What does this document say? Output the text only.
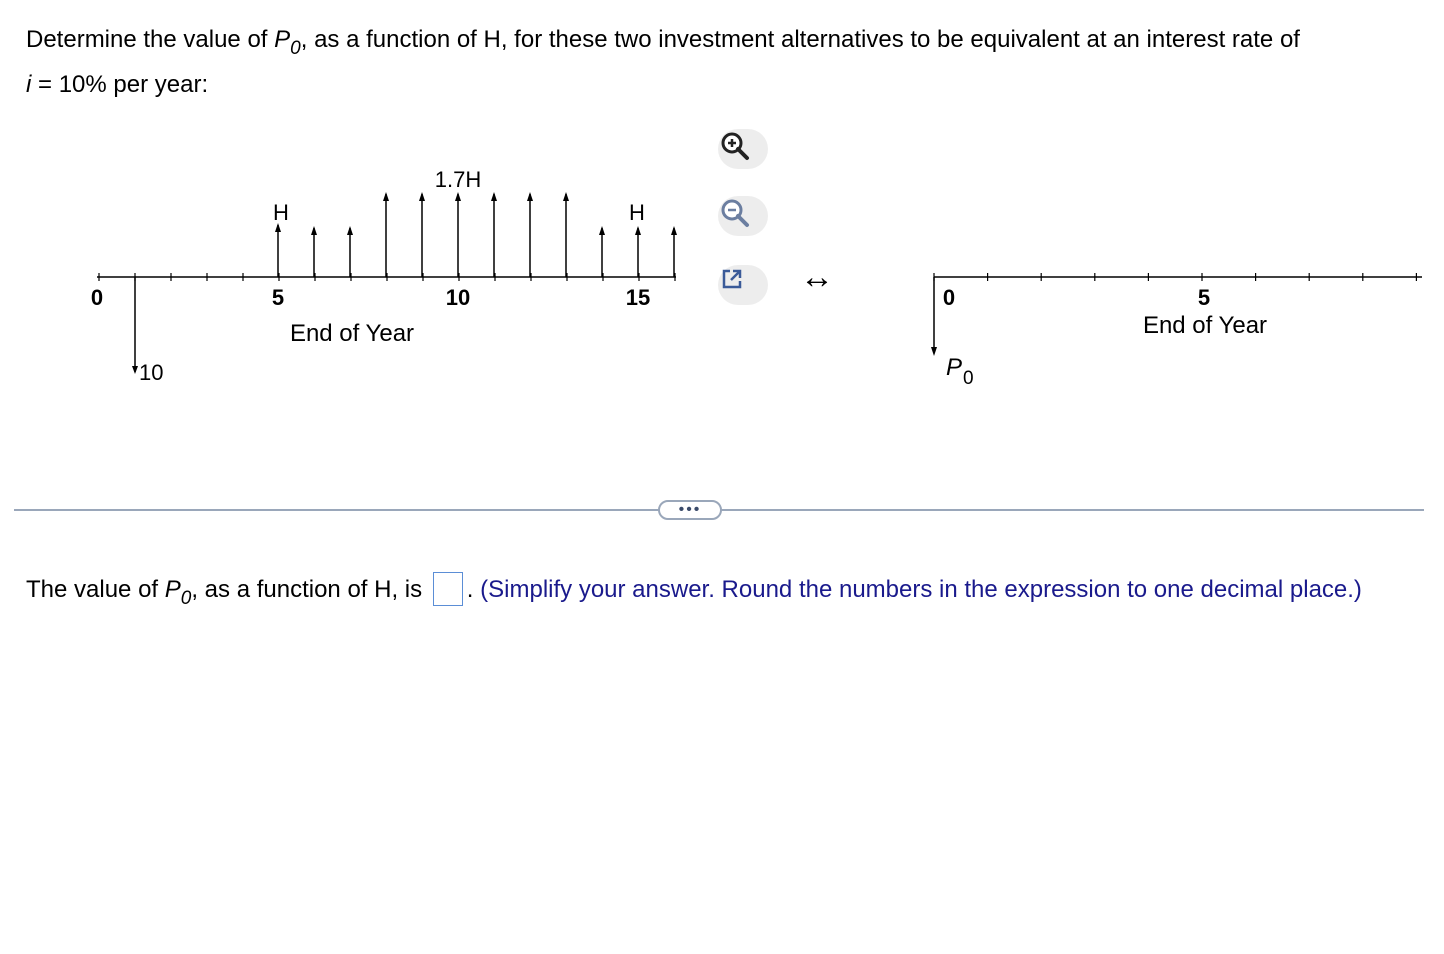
Determine the value of $P_0$, as a function of H, for these two investment alternatives to be equivalent at an interest rate of
i = 10% per year:
0	5	10	15
End of Year
10
H
1.7H
H
↔
0	5
End of Year
P 0
•••
The value of $P_0$, as a function of H, is . (Simplify your answer. Round the numbers in the expression to one decimal place.)
